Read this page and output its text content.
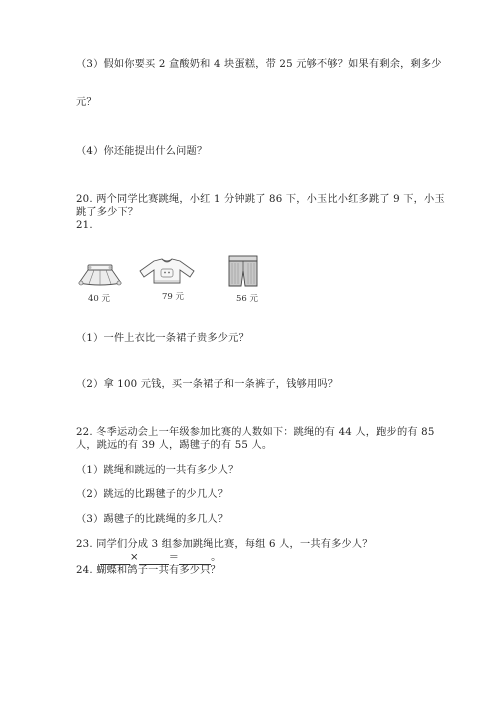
（3）假如你要买 2 盒酸奶和 4 块蛋糕，带 25 元够不够？如果有剩余，剩多少
元？
（4）你还能提出什么问题？
20. 两个同学比赛跳绳，小红 1 分钟跳了 86 下，小玉比小红多跳了 9 下，小玉
跳了多少下？
21.
40 元	79 元	56 元
（1）一件上衣比一条裙子贵多少元？
（2）拿 100 元钱，买一条裙子和一条裤子，钱够用吗？
22. 冬季运动会上一年级参加比赛的人数如下：跳绳的有 44 人，跑步的有 85
人，跳远的有 39 人，踢毽子的有 55 人。
（1）跳绳和跳远的一共有多少人？
（2）跳远的比踢毽子的少几人？
（3）踢毽子的比跳绳的多几人？
23. 同学们分成 3 组参加跳绳比赛，每组 6 人，一共有多少人？
×	＝	。
24. 蝴蝶和鸽子一共有多少只？
